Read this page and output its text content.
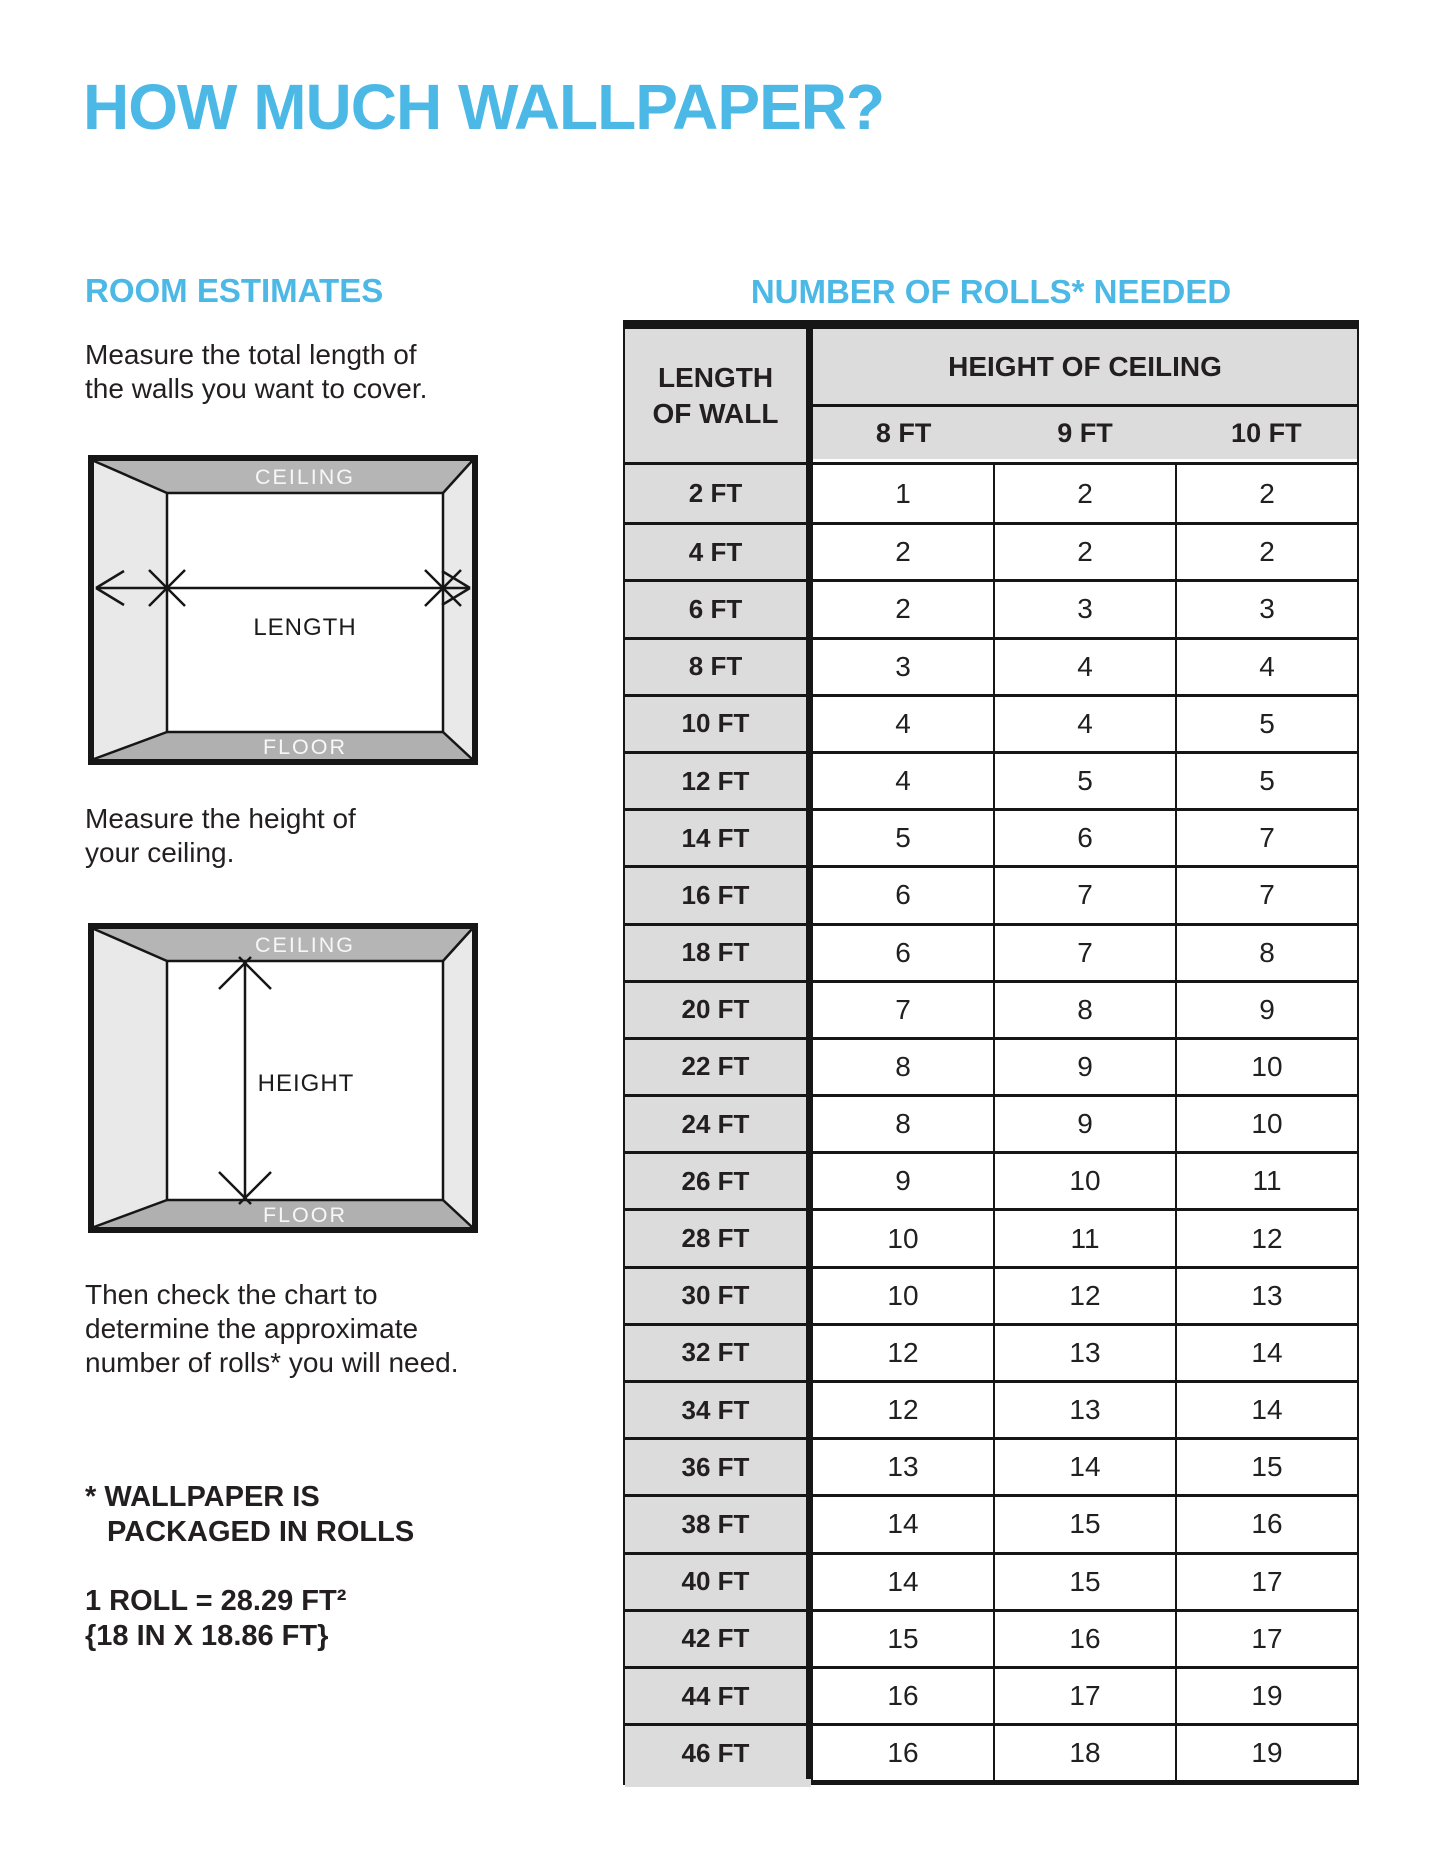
HOW MUCH WALLPAPER?
ROOM ESTIMATES
Measure the total length of
the walls you want to cover.
CEILING
FLOOR
LENGTH
Measure the height of
your ceiling.
CEILING
FLOOR
HEIGHT
Then check the chart to
determine the approximate
number of rolls* you will need.
* WALLPAPER IS
PACKAGED IN ROLLS
1 ROLL = 28.29 FT²
{18 IN X 18.86 FT}
NUMBER OF ROLLS* NEEDED
LENGTH
OF WALL
HEIGHT OF CEILING
8 FT	9 FT	10 FT
2 FT	1	2	2
4 FT	2	2	2
6 FT	2	3	3
8 FT	3	4	4
10 FT	4	4	5
12 FT	4	5	5
14 FT	5	6	7
16 FT	6	7	7
18 FT	6	7	8
20 FT	7	8	9
22 FT	8	9	10
24 FT	8	9	10
26 FT	9	10	11
28 FT	10	11	12
30 FT	10	12	13
32 FT	12	13	14
34 FT	12	13	14
36 FT	13	14	15
38 FT	14	15	16
40 FT	14	15	17
42 FT	15	16	17
44 FT	16	17	19
46 FT	16	18	19
